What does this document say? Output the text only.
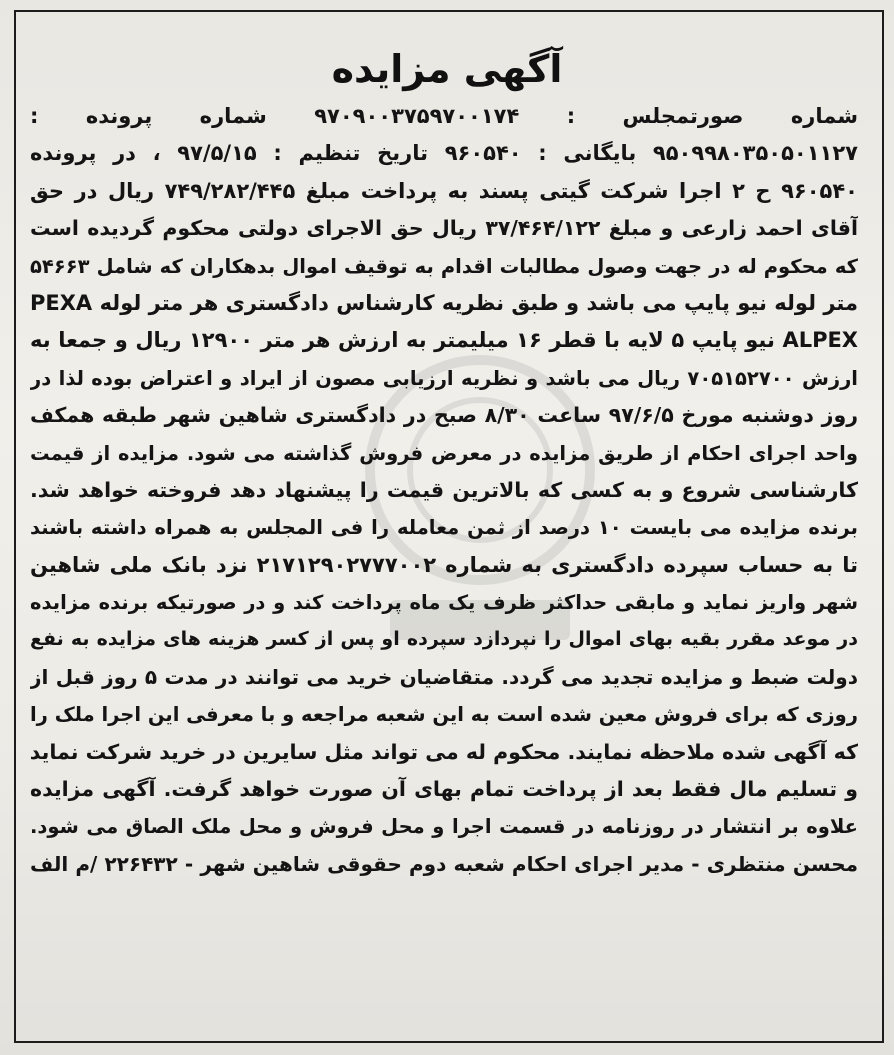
آگهی مزایده
شماره صورتمجلس : ۹۷۰۹۰۰۳۷۵۹۷۰۰۱۷۴ شماره پرونده :
۹۵۰۹۹۸۰۳۵۰۵۰۱۱۲۷ بایگانی : ۹۶۰۵۴۰ تاریخ تنظیم : ۹۷/۵/۱۵ ، در پرونده
۹۶۰۵۴۰ ح ۲ اجرا شرکت گیتی پسند به پرداخت مبلغ ۷۴۹/۲۸۲/۴۴۵ ریال در حق
آقای احمد زارعی و مبلغ ۳۷/۴۶۴/۱۲۲ ریال حق الاجرای دولتی محکوم گردیده است
که محکوم له در جهت وصول مطالبات اقدام به توقیف اموال بدهکاران که شامل ۵۴۶۶۳
متر لوله نیو پایپ می باشد و طبق نظریه کارشناس دادگستری هر متر لوله PEXA
ALPEX نیو پایپ ۵ لایه با قطر ۱۶ میلیمتر به ارزش هر متر ۱۲۹۰۰ ریال و جمعا به
ارزش ۷۰۵۱۵۲۷۰۰ ریال می باشد و نظریه ارزیابی مصون از ایراد و اعتراض بوده لذا در
روز دوشنبه مورخ ۹۷/۶/۵ ساعت ۸/۳۰ صبح در دادگستری شاهین شهر طبقه همکف
واحد اجرای احکام از طریق مزایده در معرض فروش گذاشته می شود. مزایده از قیمت
کارشناسی شروع و به کسی که بالاترین قیمت را پیشنهاد دهد فروخته خواهد شد.
برنده مزایده می بایست ۱۰ درصد از ثمن معامله را فی المجلس به همراه داشته باشند
تا به حساب سپرده دادگستری به شماره ۲۱۷۱۲۹۰۲۷۷۷۰۰۲ نزد بانک ملی شاهین
شهر واریز نماید و مابقی حداکثر ظرف یک ماه پرداخت کند و در صورتیکه برنده مزایده
در موعد مقرر بقیه بهای اموال را نپردازد سپرده او پس از کسر هزینه های مزایده به نفع
دولت ضبط و مزایده تجدید می گردد. متقاضیان خرید می توانند در مدت ۵ روز قبل از
روزی که برای فروش معین شده است به این شعبه مراجعه و با معرفی این اجرا ملک را
که آگهی شده ملاحظه نمایند. محکوم له می تواند مثل سایرین در خرید شرکت نماید
و تسلیم مال فقط بعد از پرداخت تمام بهای آن صورت خواهد گرفت. آگهی مزایده
علاوه بر انتشار در روزنامه در قسمت اجرا و محل فروش و محل ملک الصاق می شود.
محسن منتظری - مدیر اجرای احکام شعبه دوم حقوقی شاهین شهر - ۲۲۶۴۳۲ /م الف
